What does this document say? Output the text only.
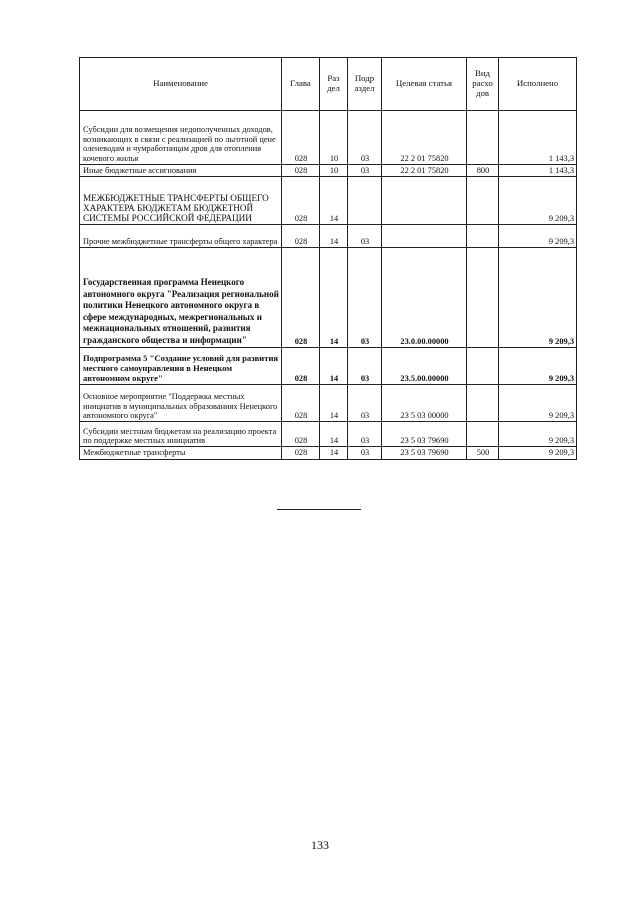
Наименование	Глава	Раз дел	Подр аздел	Целевая статья	Вид расхо дов	Исполнено
Субсидии для возмещения недополученных доходов, возникающих в связи с реализацией по льготной цене оленеводам и чумработницам дров для отопления кочевого жилья	028	10	03	22 2 01 75820		1 143,3
Иные бюджетные ассигнования	028	10	03	22 2 01 75820	800	1 143,3
МЕЖБЮДЖЕТНЫЕ ТРАНСФЕРТЫ ОБЩЕГО ХАРАКТЕРА БЮДЖЕТАМ БЮДЖЕТНОЙ СИСТЕМЫ РОССИЙСКОЙ ФЕДЕРАЦИИ	028	14				9 209,3
Прочие межбюджетные трансферты общего характера	028	14	03			9 209,3
Государственная программа Ненецкого автономного округа "Реализация региональной политики Ненецкого автономного округа в сфере международных, межрегиональных и межнациональных отношений, развития гражданского общества и информации"	028	14	03	23.0.00.00000		9 209,3
Подпрограмма 5 "Создание условий для развития местного самоуправления в Ненецком автономном округе"	028	14	03	23.5.00.00000		9 209,3
Основное мероприятие "Поддержка местных инициатив в муниципальных образованиях Ненецкого автономного округа"	028	14	03	23 5 03 00000		9 209,3
Субсидии местным бюджетам на реализацию проекта по поддержке местных инициатив	028	14	03	23 5 03 79690		9 209,3
Межбюджетные трансферты	028	14	03	23 5 03 79690	500	9 209,3
133
